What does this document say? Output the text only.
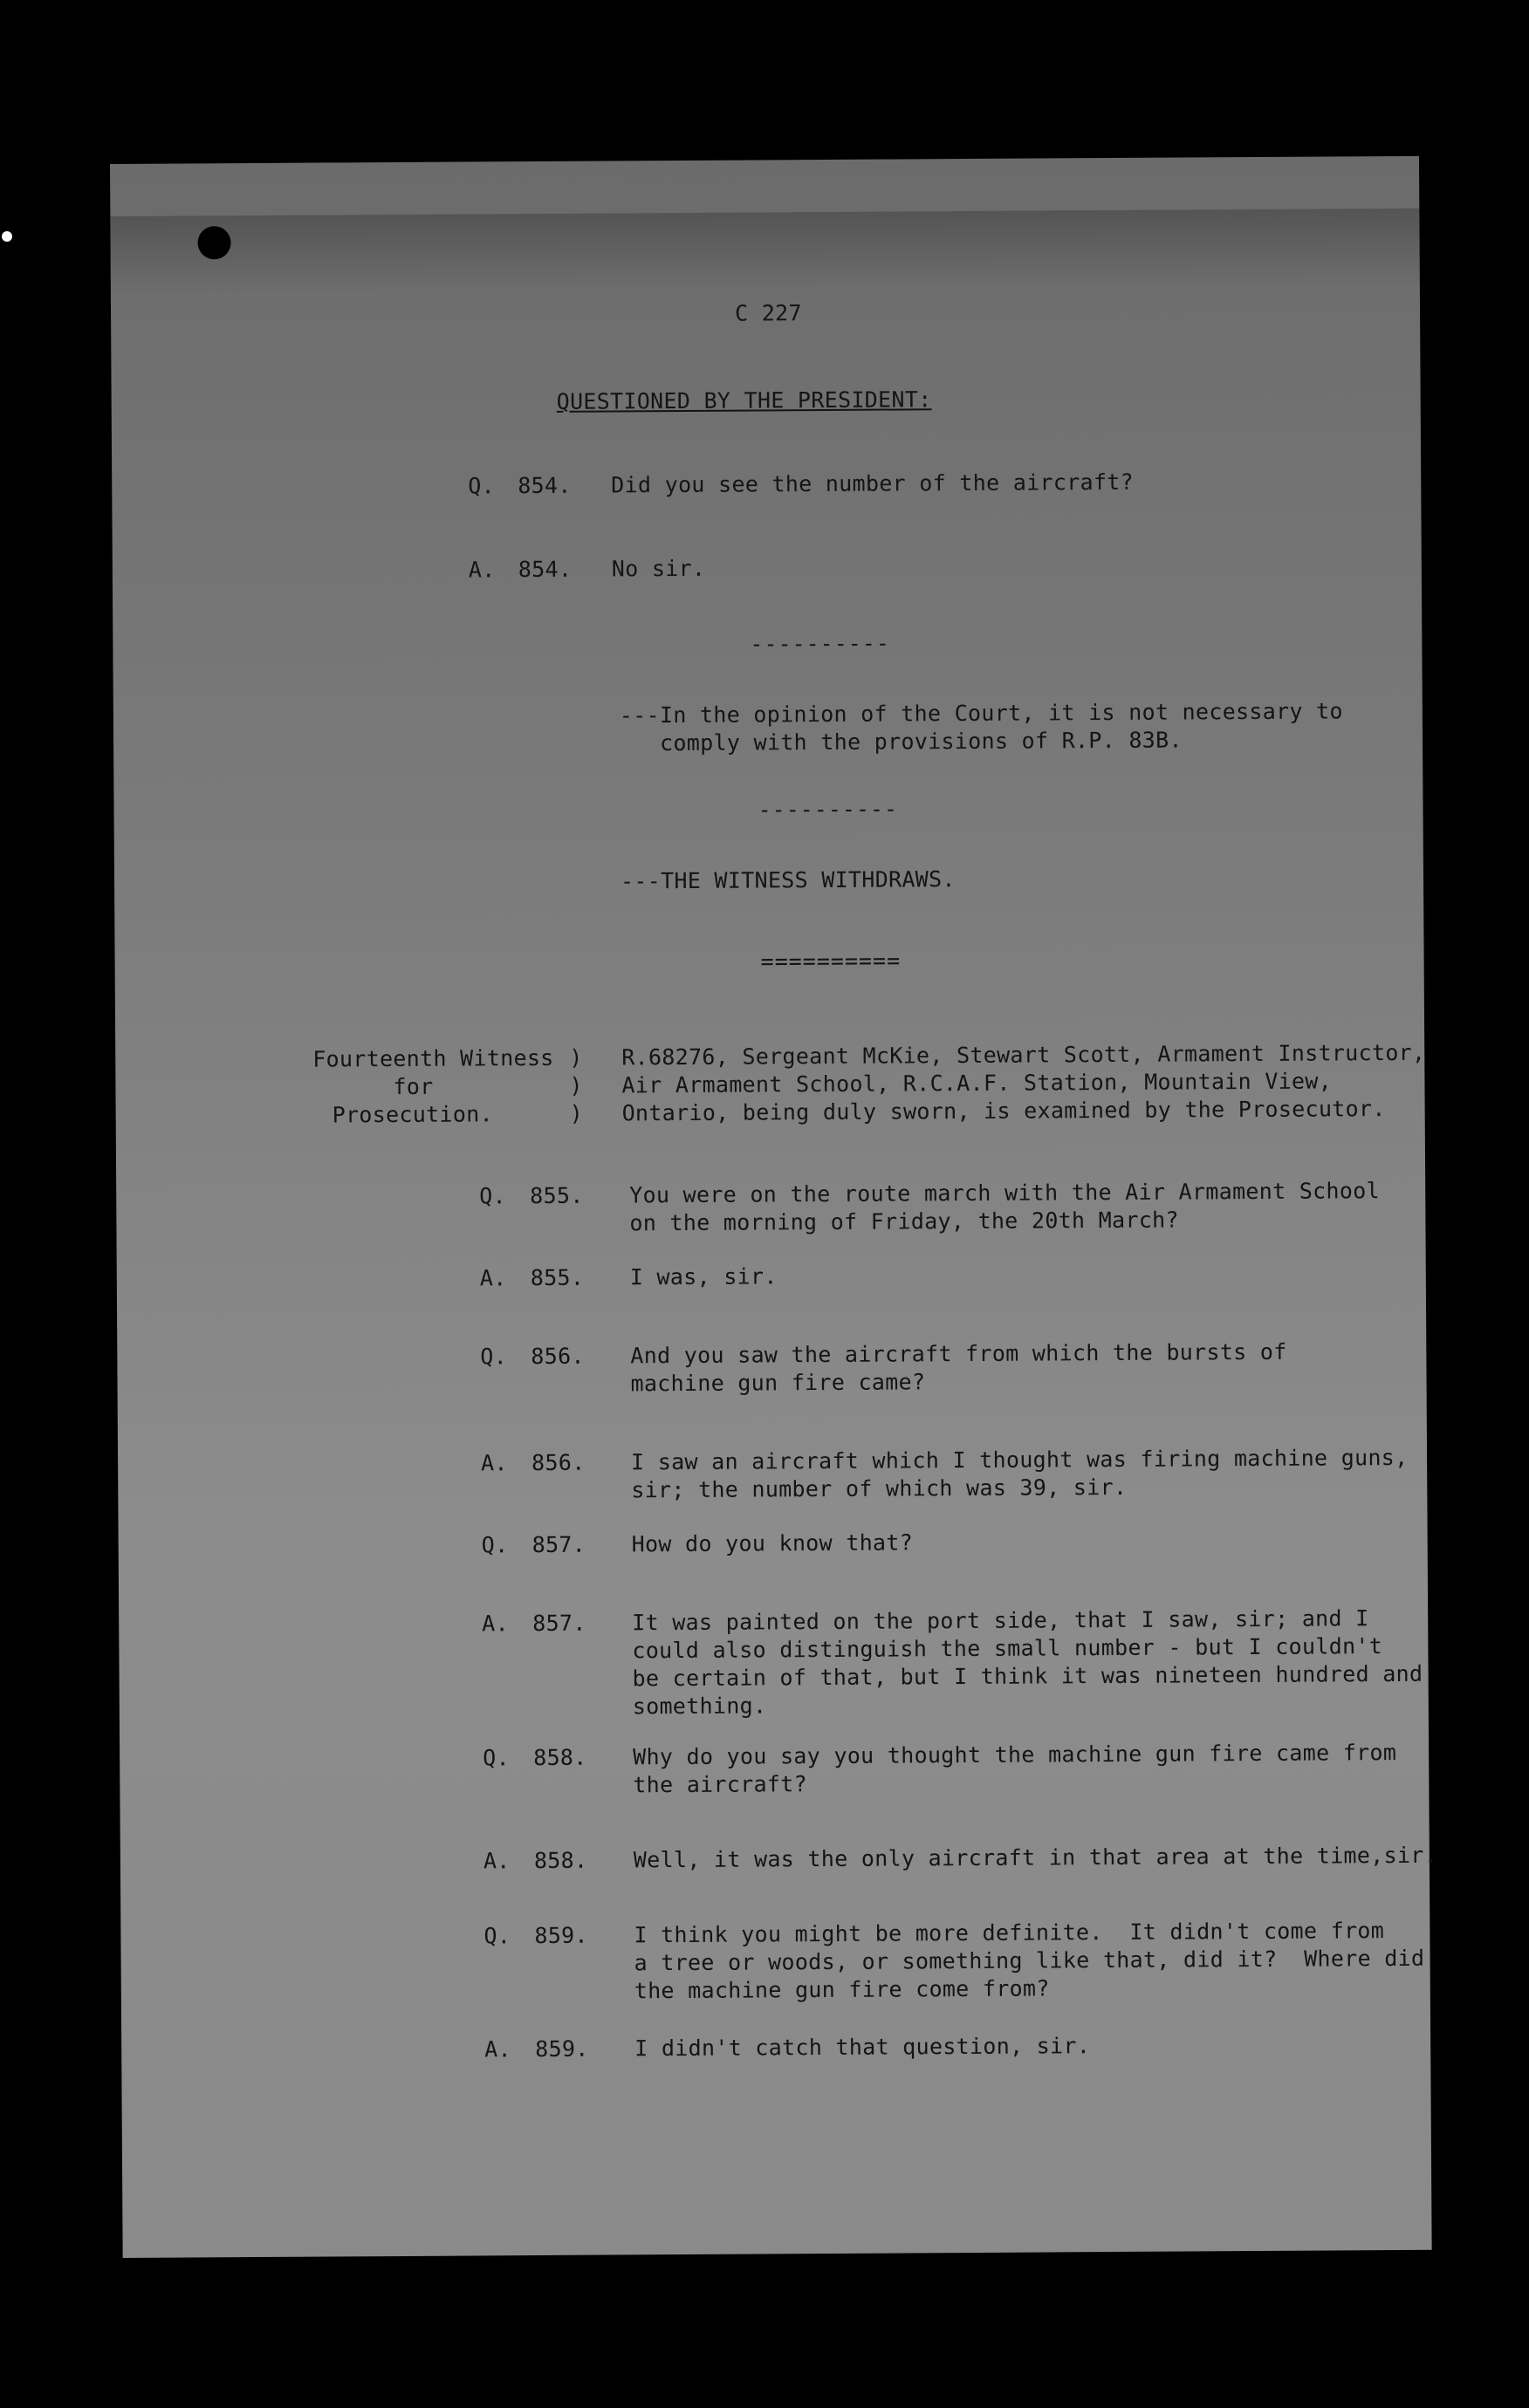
C 227
QUESTIONED BY THE PRESIDENT:
Q. 854. Did you see the number of the aircraft?
A. 854. No sir.
----------
---In the opinion of the Court, it is not necessary to
comply with the provisions of R.P. 83B.
----------
---THE WITNESS WITHDRAWS.
==========
Fourteenth Witness
for
Prosecution.
)
)
)
R.68276, Sergeant McKie, Stewart Scott, Armament Instructor,
Air Armament School, R.C.A.F. Station, Mountain View,
Ontario, being duly sworn, is examined by the Prosecutor.
Q. 855. You were on the route march with the Air Armament School
on the morning of Friday, the 20th March?
A. 855. I was, sir.
Q. 856. And you saw the aircraft from which the bursts of
machine gun fire came?
A. 856. I saw an aircraft which I thought was firing machine guns,
sir; the number of which was 39, sir.
Q. 857. How do you know that?
A. 857. It was painted on the port side, that I saw, sir; and I
could also distinguish the small number - but I couldn't
be certain of that, but I think it was nineteen hundred and
something.
Q. 858. Why do you say you thought the machine gun fire came from
the aircraft?
A. 858. Well, it was the only aircraft in that area at the time,sir.
Q. 859. I think you might be more definite.  It didn't come from
a tree or woods, or something like that, did it?  Where did
the machine gun fire come from?
A. 859. I didn't catch that question, sir.
